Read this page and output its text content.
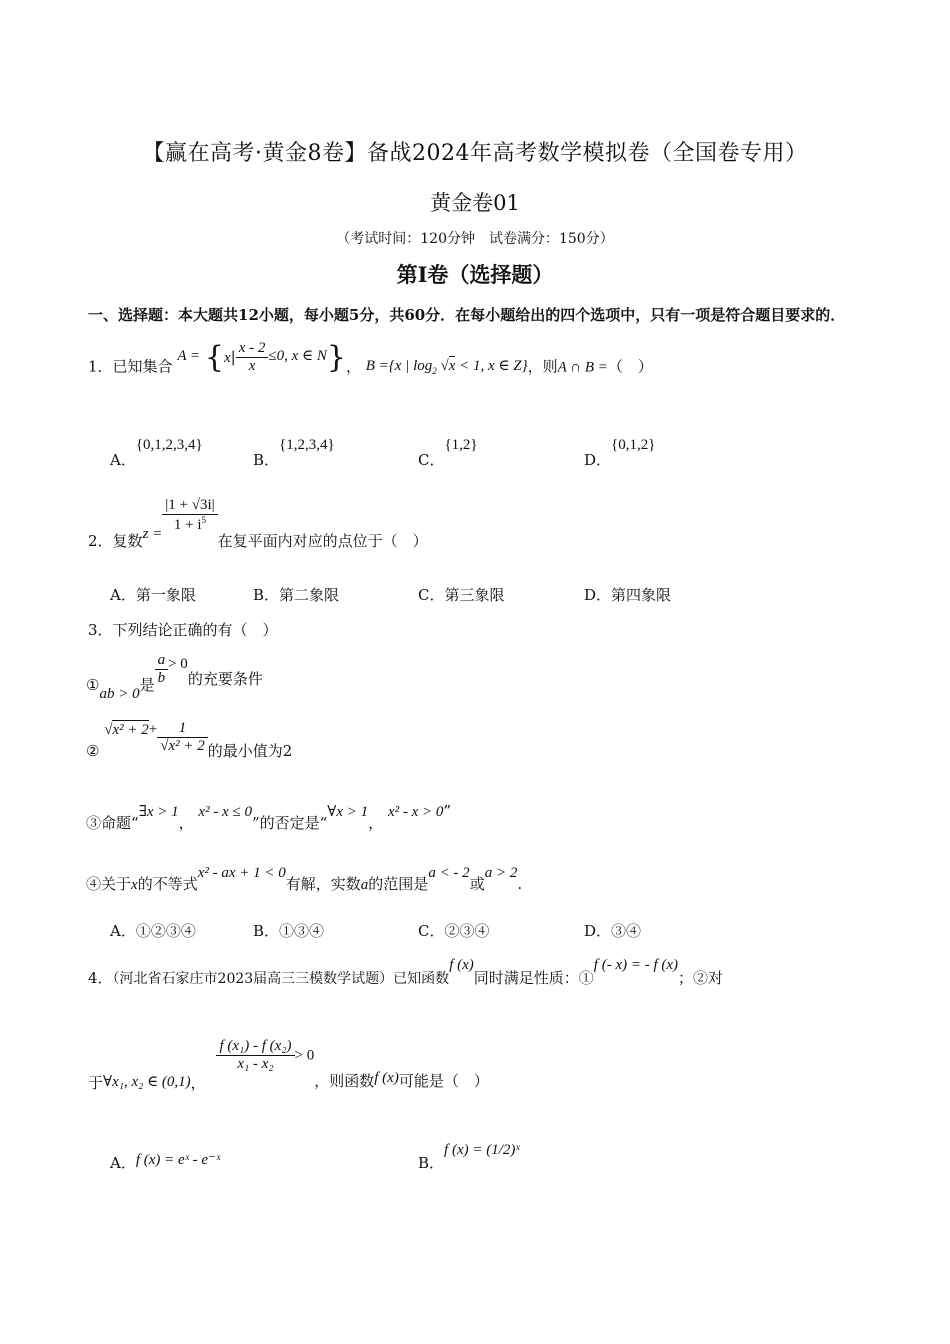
【赢在高考·黄金8卷】备战2024年高考数学模拟卷（全国卷专用）
黄金卷01
（考试时间：120分钟　试卷满分：150分）
第I卷（选择题）
一、选择题：本大题共12小题，每小题5分，共60分．在每小题给出的四个选项中，只有一项是符合题目要求的．
1．已知集合 $A = \{x| \frac{x - 2}{x} \le 0$, x ∈ N}， B ={x | $\log_2 √x < 1$, x ∈ Z}，则A ∩ B =（　）
A．{0,1,2,3,4}
B．{1,2,3,4}
C．{1,2}
D．{0,1,2}
2．复数$z = \frac{|1 + √3i|}{1 + i^5}$
在复平面内对应的点位于（　）
A．第一象限	B．第二象限	C．第三象限	D．第四象限
3．下列结论正确的有（　）
①ab > 0是 $\frac{a}{b} > 0$的充要条件
② $√x^2 + 2+ \frac{1}{\text{√x² + 2}}$ 的最小值为2
③命题“∃x > 1， x² - x ≤ 0”的否定是“∀x > 1， x² - x > 0”
④关于x的不等式x² - ax + 1 < 0有解，实数a的范围是a < - 2或a > 2.
A．①②③④	B．①③④	C．②③④	D．③④
4．（河北省石家庄市2023届高三三模数学试题）已知函数f (x)同时满足性质：①f (- x) = - f (x)；②对
于∀x₁, x₂ ∈ (0,1)，
$\frac{\text{f (x₁) - f (x₂)}}{\text{x₁ - x₂}} > 0$，则函数f (x)可能是（　）
A．f (x) = eˣ - e⁻ˣ	B．f (x) = (1/2)ˣ
